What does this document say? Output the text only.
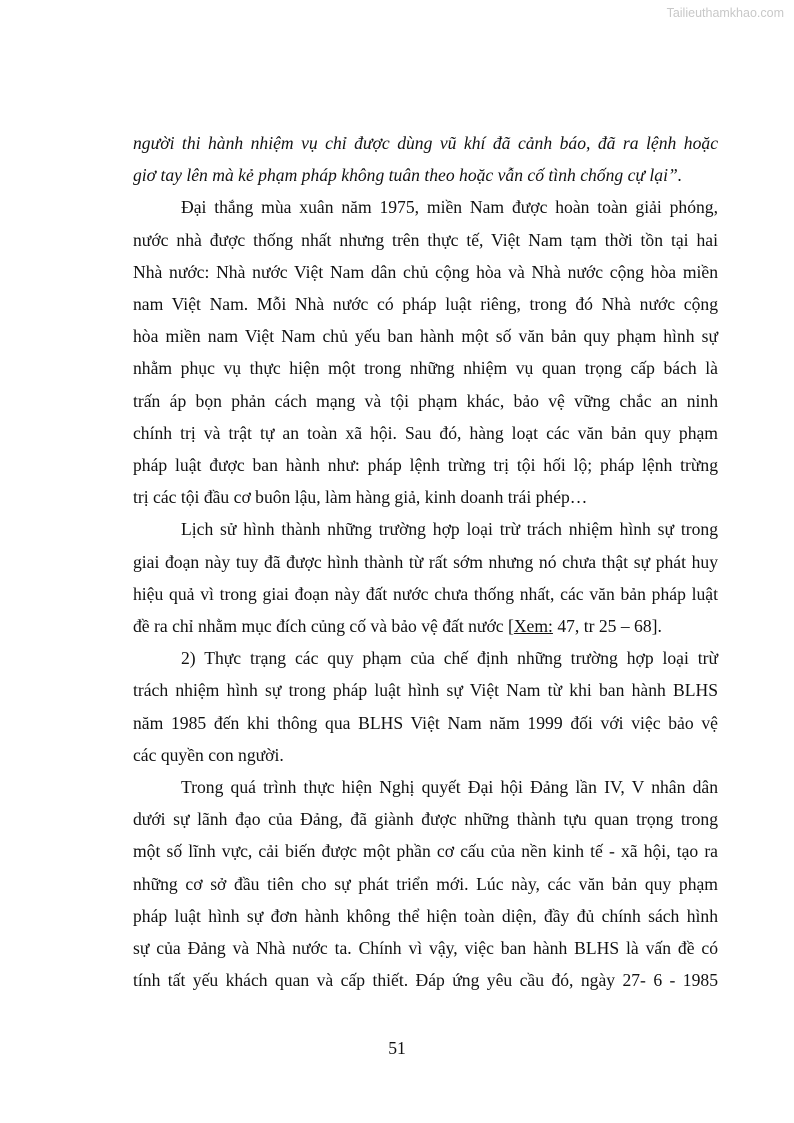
Tailieuthamkhao.com
người thi hành nhiệm vụ chỉ được dùng vũ khí đã cảnh báo, đã ra lệnh hoặc
giơ tay lên mà kẻ phạm pháp không tuân theo hoặc vẫn cố tình chống cự lại”.
Đại thắng mùa xuân năm 1975, miền Nam được hoàn toàn giải phóng,
nước nhà được thống nhất nhưng trên thực tế, Việt Nam tạm thời tồn tại hai
Nhà nước: Nhà nước Việt Nam dân chủ cộng hòa và Nhà nước cộng hòa miền
nam Việt Nam. Mỗi Nhà nước có pháp luật riêng, trong đó Nhà nước cộng
hòa miền nam Việt Nam chủ yếu ban hành một số văn bản quy phạm hình sự
nhằm phục vụ thực hiện một trong những nhiệm vụ quan trọng cấp bách là
trấn áp bọn phản cách mạng và tội phạm khác, bảo vệ vững chắc an ninh
chính trị và trật tự an toàn xã hội. Sau đó, hàng loạt các văn bản quy phạm
pháp luật được ban hành như: pháp lệnh trừng trị tội hối lộ; pháp lệnh trừng
trị các tội đầu cơ buôn lậu, làm hàng giả, kinh doanh trái phép…
Lịch sử hình thành những trường hợp loại trừ trách nhiệm hình sự trong
giai đoạn này tuy đã được hình thành từ rất sớm nhưng nó chưa thật sự phát huy
hiệu quả vì trong giai đoạn này đất nước chưa thống nhất, các văn bản pháp luật
đề ra chỉ nhằm mục đích củng cố và bảo vệ đất nước [Xem: 47, tr 25 – 68].
2) Thực trạng các quy phạm của chế định những trường hợp loại trừ
trách nhiệm hình sự trong pháp luật hình sự Việt Nam từ khi ban hành BLHS
năm 1985 đến khi thông qua BLHS Việt Nam năm 1999 đối với việc bảo vệ
các quyền con người.
Trong quá trình thực hiện Nghị quyết Đại hội Đảng lần IV, V nhân dân
dưới sự lãnh đạo của Đảng, đã giành được những thành tựu quan trọng trong
một số lĩnh vực, cải biến được một phần cơ cấu của nền kinh tế - xã hội, tạo ra
những cơ sở đầu tiên cho sự phát triển mới. Lúc này, các văn bản quy phạm
pháp luật hình sự đơn hành không thể hiện toàn diện, đầy đủ chính sách hình
sự của Đảng và Nhà nước ta. Chính vì vậy, việc ban hành BLHS là vấn đề có
tính tất yếu khách quan và cấp thiết. Đáp ứng yêu cầu đó, ngày 27- 6 - 1985
51
